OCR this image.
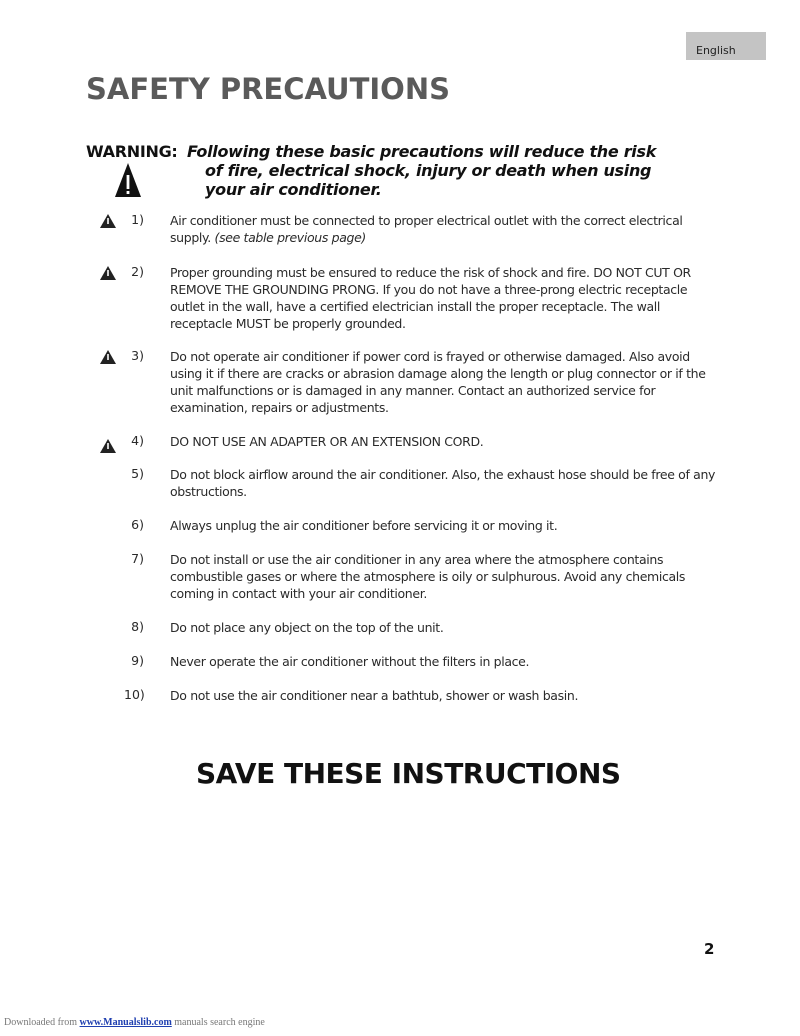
English
SAFETY PRECAUTIONS
WARNING: Following these basic precautions will reduce the risk
of fire, electrical shock, injury or death when using
your air conditioner.
1) Air conditioner must be connected to proper electrical outlet with the correct electrical supply. (see table previous page)
2) Proper grounding must be ensured to reduce the risk of shock and fire. DO NOT CUT OR REMOVE THE GROUNDING PRONG. If you do not have a three-prong electric receptacle outlet in the wall, have a certified electrician install the proper receptacle. The wall receptacle MUST be properly grounded.
3) Do not operate air conditioner if power cord is frayed or otherwise damaged. Also avoid using it if there are cracks or abrasion damage along the length or plug connector or if the unit malfunctions or is damaged in any manner. Contact an authorized service for examination, repairs or adjustments.
4) DO NOT USE AN ADAPTER OR AN EXTENSION CORD.
5) Do not block airflow around the air conditioner. Also, the exhaust hose should be free of any obstructions.
6) Always unplug the air conditioner before servicing it or moving it.
7) Do not install or use the air conditioner in any area where the atmosphere contains combustible gases or where the atmosphere is oily or sulphurous. Avoid any chemicals coming in contact with your air conditioner.
8) Do not place any object on the top of the unit.
9) Never operate the air conditioner without the filters in place.
10) Do not use the air conditioner near a bathtub, shower or wash basin.
SAVE THESE INSTRUCTIONS
2
Downloaded from www.Manualslib.com manuals search engine
